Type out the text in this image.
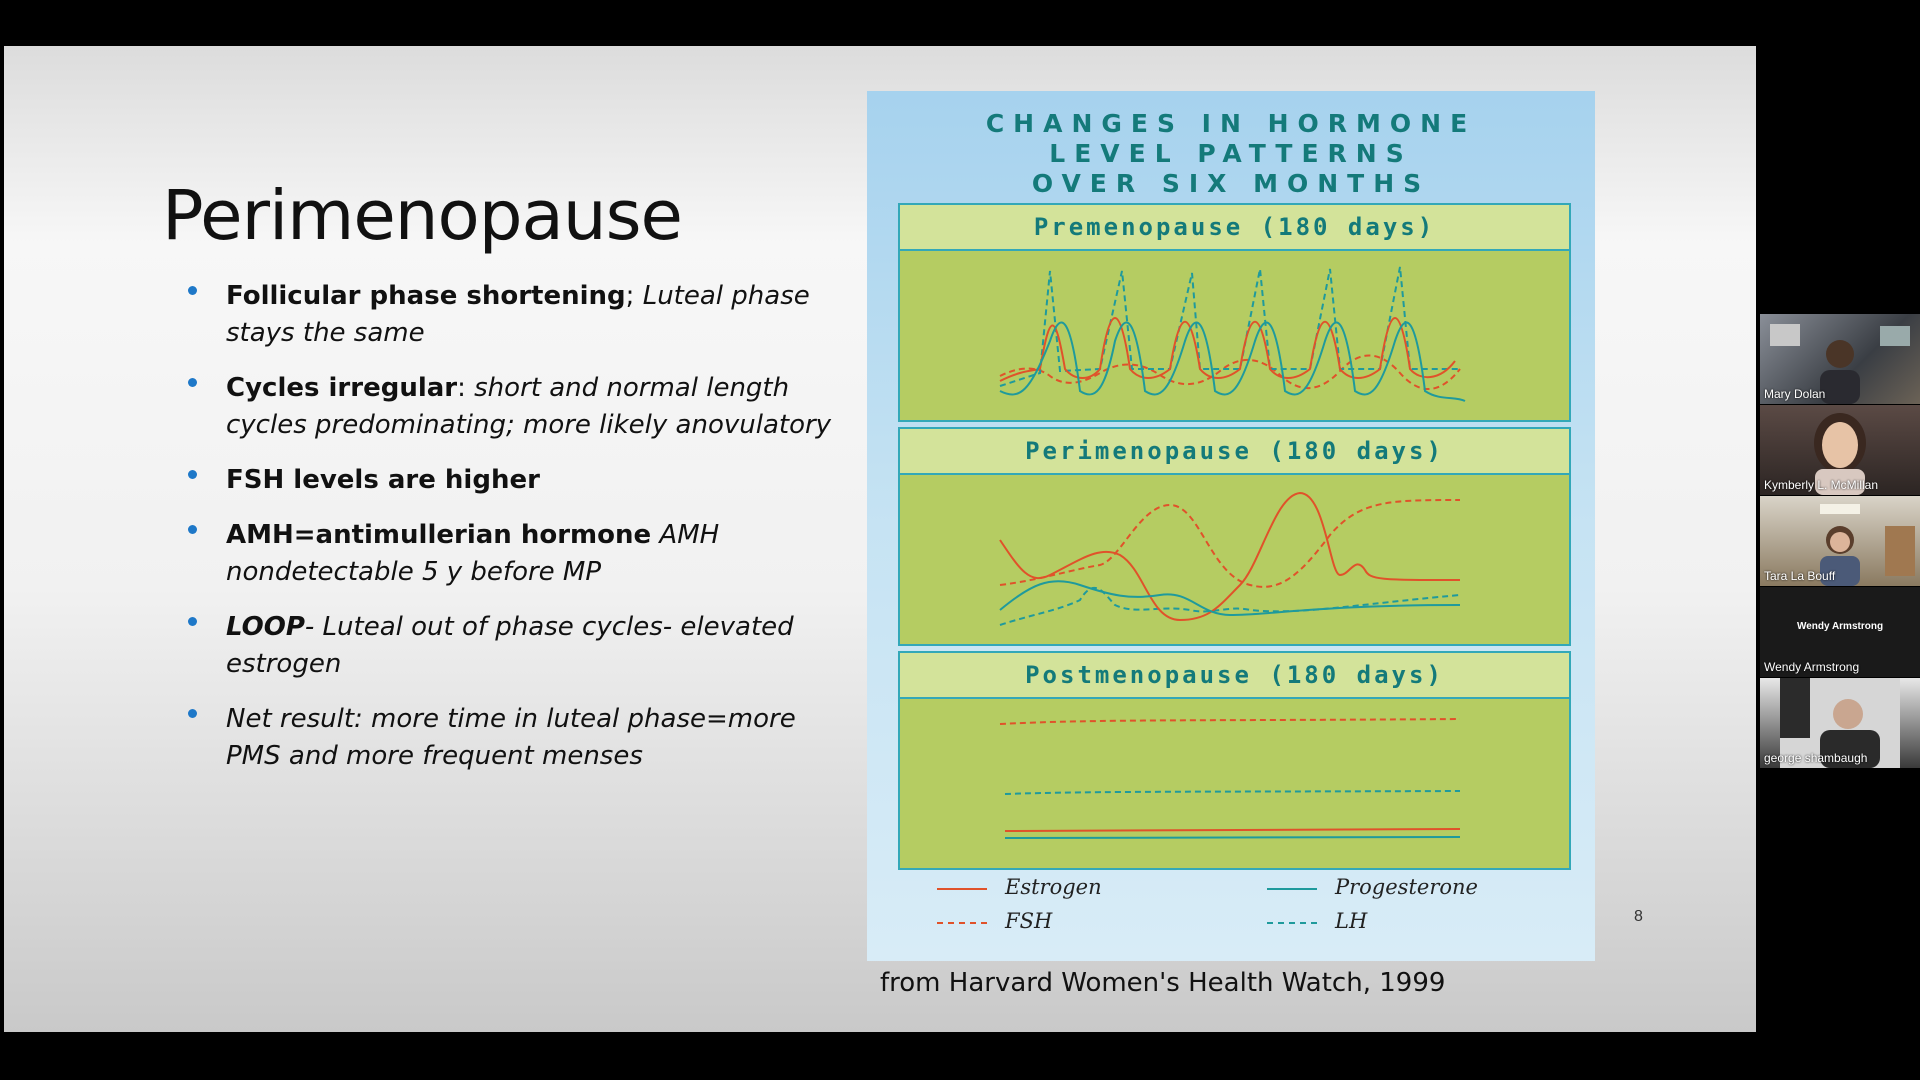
Perimenopause
Follicular phase shortening; Luteal phase stays the same
Cycles irregular: short and normal length cycles predominating; more likely anovulatory
FSH levels are higher
AMH=antimullerian hormone AMH nondetectable 5 y before MP
LOOP- Luteal out of phase cycles- elevated estrogen
Net result: more time in luteal phase=more PMS and more frequent menses
CHANGES IN HORMONE
LEVEL PATTERNS
OVER SIX MONTHS
Premenopause (180 days)
Perimenopause (180 days)
Postmenopause (180 days)
Estrogen	Progesterone
FSH	LH
from Harvard Women's Health Watch, 1999
8
Mary Dolan
Kymberly L. McMillan
Tara La Bouff
Wendy Armstrong
Wendy Armstrong
george shambaugh
